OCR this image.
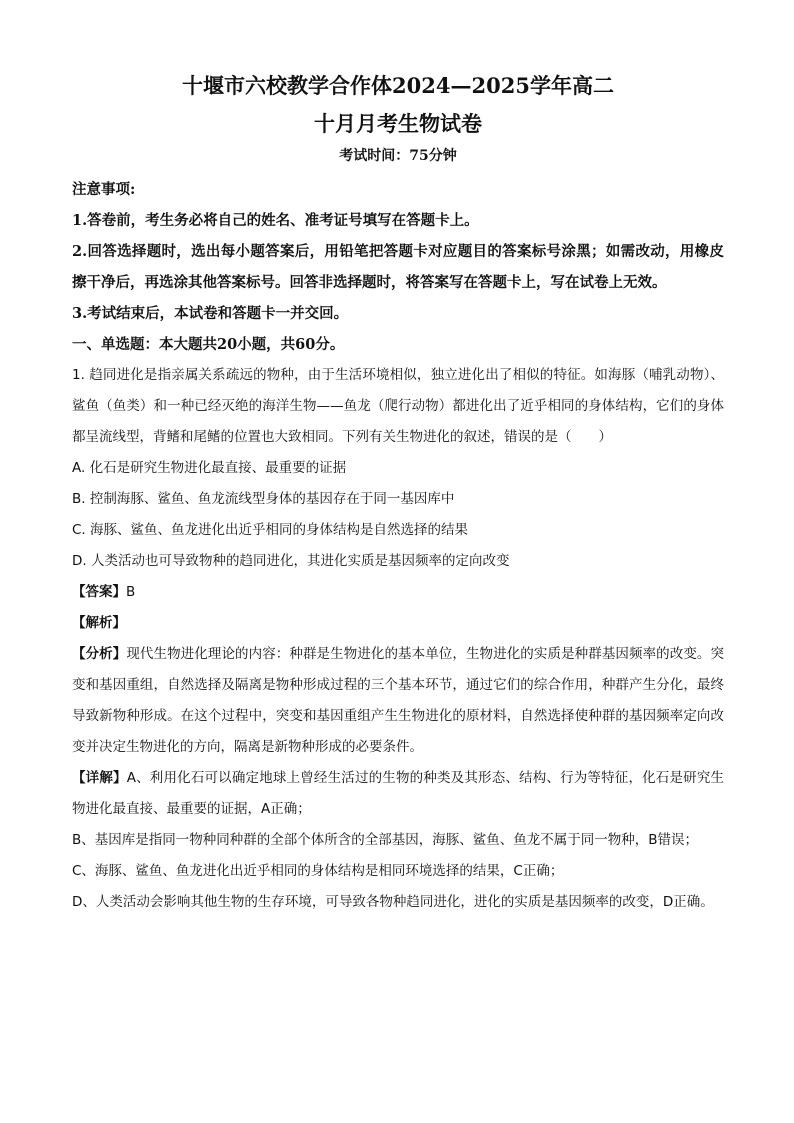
十堰市六校教学合作体2024—2025学年高二
十月月考生物试卷
考试时间：75分钟

注意事项:

1.答卷前，考生务必将自己的姓名、准考证号填写在答题卡上。

2.回答选择题时，选出每小题答案后，用铅笔把答题卡对应题目的答案标号涂黑；如需改动，用橡皮擦干净后，再选涂其他答案标号。回答非选择题时，将答案写在答题卡上，写在试卷上无效。

3.考试结束后，本试卷和答题卡一并交回。

一、单选题：本大题共20小题，共60分。

1. 趋同进化是指亲属关系疏远的物种，由于生活环境相似，独立进化出了相似的特征。如海豚（哺乳动物）、鲨鱼（鱼类）和一种已经灭绝的海洋生物——鱼龙（爬行动物）都进化出了近乎相同的身体结构，它们的身体都呈流线型，背鳍和尾鳍的位置也大致相同。下列有关生物进化的叙述，错误的是（　　）

A. 化石是研究生物进化最直接、最重要的证据

B. 控制海豚、鲨鱼、鱼龙流线型身体的基因存在于同一基因库中

C. 海豚、鲨鱼、鱼龙进化出近乎相同的身体结构是自然选择的结果

D. 人类活动也可导致物种的趋同进化，其进化实质是基因频率的定向改变

【答案】B

【解析】

【分析】现代生物进化理论的内容：种群是生物进化的基本单位，生物进化的实质是种群基因频率的改变。突变和基因重组，自然选择及隔离是物种形成过程的三个基本环节，通过它们的综合作用，种群产生分化，最终导致新物种形成。在这个过程中，突变和基因重组产生生物进化的原材料，自然选择使种群的基因频率定向改变并决定生物进化的方向，隔离是新物种形成的必要条件。

【详解】A、利用化石可以确定地球上曾经生活过的生物的种类及其形态、结构、行为等特征，化石是研究生物进化最直接、最重要的证据，A正确；

B、基因库是指同一物种同种群的全部个体所含的全部基因，海豚、鲨鱼、鱼龙不属于同一物种，B错误；

C、海豚、鲨鱼、鱼龙进化出近乎相同的身体结构是相同环境选择的结果，C正确；

D、人类活动会影响其他生物的生存环境，可导致各物种趋同进化，进化的实质是基因频率的改变，D正确。
